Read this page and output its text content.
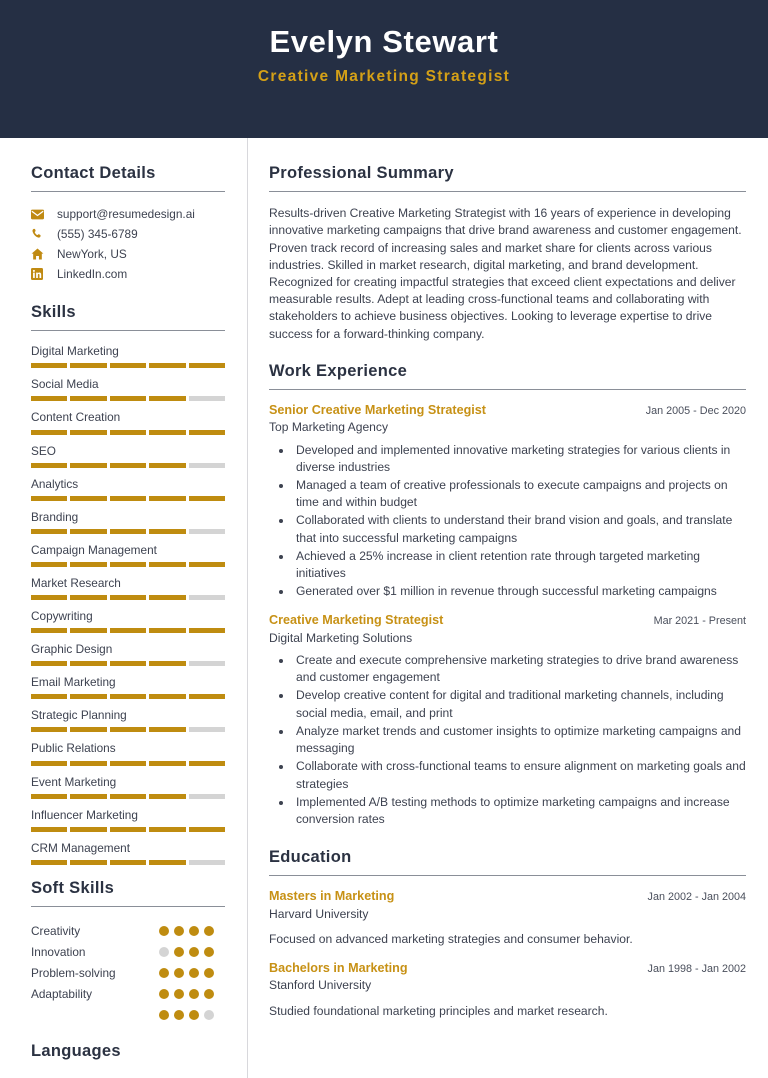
Evelyn Stewart
Creative Marketing Strategist
Contact Details
support@resumedesign.ai
(555) 345-6789
NewYork, US
LinkedIn.com
Skills
Digital Marketing
Social Media
Content Creation
SEO
Analytics
Branding
Campaign Management
Market Research
Copywriting
Graphic Design
Email Marketing
Strategic Planning
Public Relations
Event Marketing
Influencer Marketing
CRM Management
Soft Skills
Creativity
Innovation
Problem-solving
Adaptability
Languages
Professional Summary
Results-driven Creative Marketing Strategist with 16 years of experience in developing innovative marketing campaigns that drive brand awareness and customer engagement. Proven track record of increasing sales and market share for clients across various industries. Skilled in market research, digital marketing, and brand development. Recognized for creating impactful strategies that exceed client expectations and deliver measurable results. Adept at leading cross-functional teams and collaborating with stakeholders to achieve business objectives. Looking to leverage expertise to drive success for a forward-thinking company.
Work Experience
Senior Creative Marketing Strategist	Jan 2005 - Dec 2020
Top Marketing Agency
• Developed and implemented innovative marketing strategies for various clients in diverse industries
• Managed a team of creative professionals to execute campaigns and projects on time and within budget
• Collaborated with clients to understand their brand vision and goals, and translate that into successful marketing campaigns
• Achieved a 25% increase in client retention rate through targeted marketing initiatives
• Generated over $1 million in revenue through successful marketing campaigns
Creative Marketing Strategist	Mar 2021 - Present
Digital Marketing Solutions
• Create and execute comprehensive marketing strategies to drive brand awareness and customer engagement
• Develop creative content for digital and traditional marketing channels, including social media, email, and print
• Analyze market trends and customer insights to optimize marketing campaigns and messaging
• Collaborate with cross-functional teams to ensure alignment on marketing goals and strategies
• Implemented A/B testing methods to optimize marketing campaigns and increase conversion rates
Education
Masters in Marketing	Jan 2002 - Jan 2004
Harvard University
Focused on advanced marketing strategies and consumer behavior.
Bachelors in Marketing	Jan 1998 - Jan 2002
Stanford University
Studied foundational marketing principles and market research.
